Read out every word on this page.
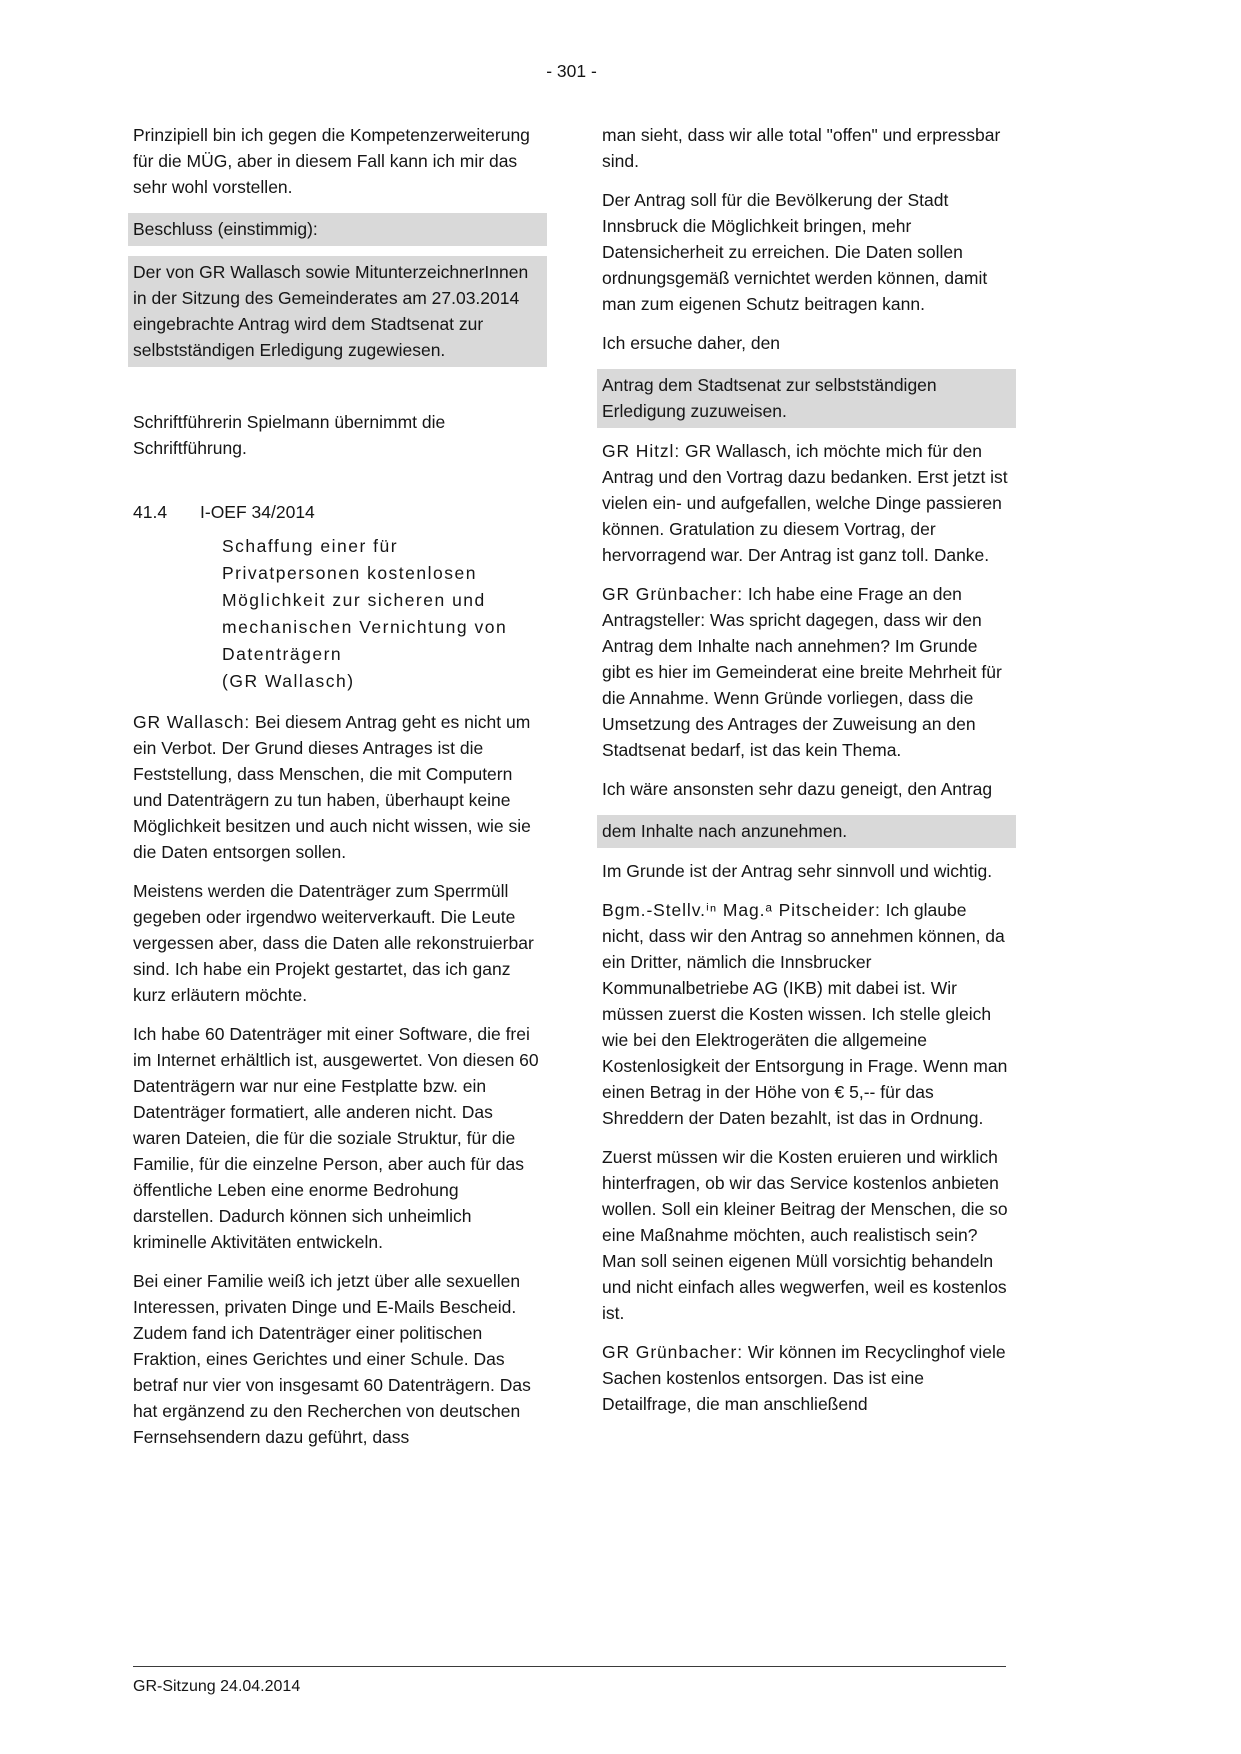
- 301 -

Prinzipiell bin ich gegen die Kompetenzerweiterung für die MÜG, aber in diesem Fall kann ich mir das sehr wohl vorstellen.

Beschluss (einstimmig):
Der von GR Wallasch sowie MitunterzeichnerInnen in der Sitzung des Gemeinderates am 27.03.2014 eingebrachte Antrag wird dem Stadtsenat zur selbstständigen Erledigung zugewiesen.

Schriftführerin Spielmann übernimmt die Schriftführung.

41.4	I-OEF 34/2014
Schaffung einer für Privatpersonen kostenlosen Möglichkeit zur sicheren und mechanischen Vernichtung von Datenträgern
(GR Wallasch)

GR Wallasch: Bei diesem Antrag geht es nicht um ein Verbot. Der Grund dieses Antrages ist die Feststellung, dass Menschen, die mit Computern und Datenträgern zu tun haben, überhaupt keine Möglichkeit besitzen und auch nicht wissen, wie sie die Daten entsorgen sollen.

Meistens werden die Datenträger zum Sperrmüll gegeben oder irgendwo weiterverkauft. Die Leute vergessen aber, dass die Daten alle rekonstruierbar sind. Ich habe ein Projekt gestartet, das ich ganz kurz erläutern möchte.

Ich habe 60 Datenträger mit einer Software, die frei im Internet erhältlich ist, ausgewertet. Von diesen 60 Datenträgern war nur eine Festplatte bzw. ein Datenträger formatiert, alle anderen nicht. Das waren Dateien, die für die soziale Struktur, für die Familie, für die einzelne Person, aber auch für das öffentliche Leben eine enorme Bedrohung darstellen. Dadurch können sich unheimlich kriminelle Aktivitäten entwickeln.

Bei einer Familie weiß ich jetzt über alle sexuellen Interessen, privaten Dinge und E-Mails Bescheid. Zudem fand ich Datenträger einer politischen Fraktion, eines Gerichtes und einer Schule. Das betraf nur vier von insgesamt 60 Datenträgern. Das hat ergänzend zu den Recherchen von deutschen Fernsehsendern dazu geführt, dass

man sieht, dass wir alle total "offen" und erpressbar sind.

Der Antrag soll für die Bevölkerung der Stadt Innsbruck die Möglichkeit bringen, mehr Datensicherheit zu erreichen. Die Daten sollen ordnungsgemäß vernichtet werden können, damit man zum eigenen Schutz beitragen kann.

Ich ersuche daher, den

Antrag dem Stadtsenat zur selbstständigen Erledigung zuzuweisen.

GR Hitzl: GR Wallasch, ich möchte mich für den Antrag und den Vortrag dazu bedanken. Erst jetzt ist vielen ein- und aufgefallen, welche Dinge passieren können. Gratulation zu diesem Vortrag, der hervorragend war. Der Antrag ist ganz toll. Danke.

GR Grünbacher: Ich habe eine Frage an den Antragsteller: Was spricht dagegen, dass wir den Antrag dem Inhalte nach annehmen? Im Grunde gibt es hier im Gemeinderat eine breite Mehrheit für die Annahme. Wenn Gründe vorliegen, dass die Umsetzung des Antrages der Zuweisung an den Stadtsenat bedarf, ist das kein Thema.

Ich wäre ansonsten sehr dazu geneigt, den Antrag

dem Inhalte nach anzunehmen.

Im Grunde ist der Antrag sehr sinnvoll und wichtig.

Bgm.-Stellv.ⁱⁿ Mag.ᵃ Pitscheider: Ich glaube nicht, dass wir den Antrag so annehmen können, da ein Dritter, nämlich die Innsbrucker Kommunalbetriebe AG (IKB) mit dabei ist. Wir müssen zuerst die Kosten wissen. Ich stelle gleich wie bei den Elektrogeräten die allgemeine Kostenlosigkeit der Entsorgung in Frage. Wenn man einen Betrag in der Höhe von € 5,-- für das Shreddern der Daten bezahlt, ist das in Ordnung.

Zuerst müssen wir die Kosten eruieren und wirklich hinterfragen, ob wir das Service kostenlos anbieten wollen. Soll ein kleiner Beitrag der Menschen, die so eine Maßnahme möchten, auch realistisch sein? Man soll seinen eigenen Müll vorsichtig behandeln und nicht einfach alles wegwerfen, weil es kostenlos ist.

GR Grünbacher: Wir können im Recyclinghof viele Sachen kostenlos entsorgen. Das ist eine Detailfrage, die man anschließend

GR-Sitzung 24.04.2014
